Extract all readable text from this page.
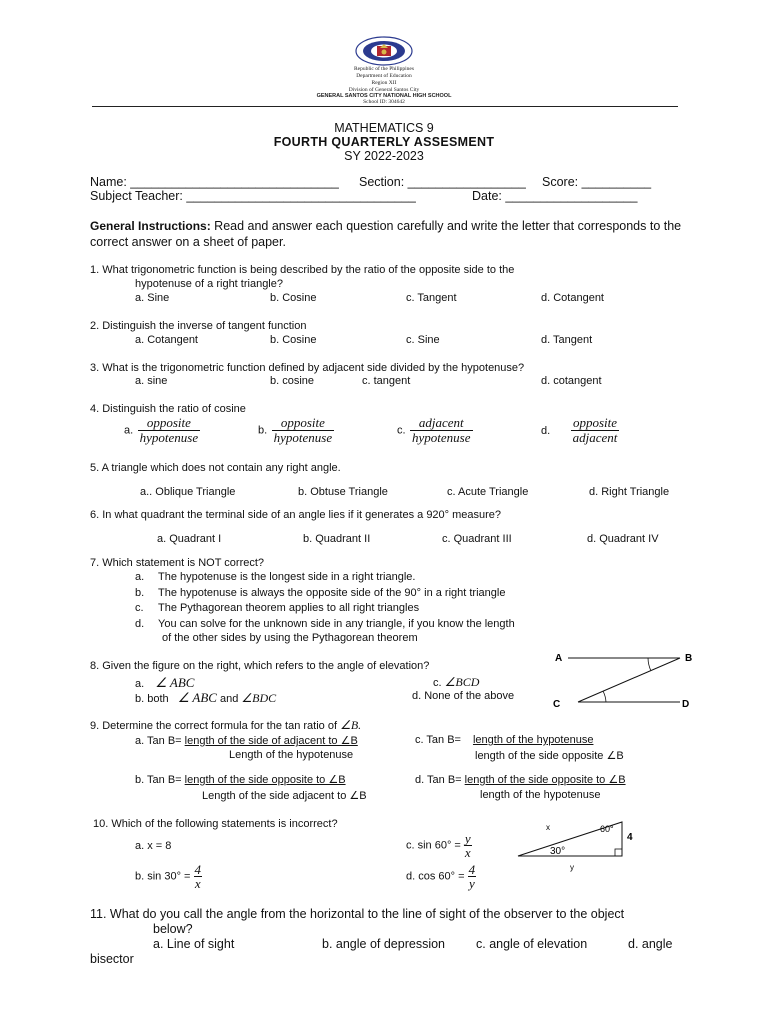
Republic of the Philippines
Department of Education
Region XII
Division of General Santos City
GENERAL SANTOS CITY NATIONAL HIGH SCHOOL
School ID: 304642
MATHEMATICS 9
FOURTH QUARTERLY ASSESMENT
SY 2022-2023
Name: ______________________________ Section: _________________ Score: __________
Subject Teacher: _________________________________	Date: ___________________
General Instructions: Read and answer each question carefully and write the letter that corresponds to the
correct answer on a sheet of paper.
1. What trigonometric function is being described by the ratio of the opposite side to the
hypotenuse of a right triangle?
a. Sine	b. Cosine	c. Tangent	d. Cotangent
2. Distinguish the inverse of tangent function
a. Cotangent	b. Cosine	c. Sine	d. Tangent
3. What is the trigonometric function defined by adjacent side divided by the hypotenuse?
a. sine	b. cosine	c. tangent	d. cotangent
4. Distinguish the ratio of cosine
a. $\frac{\text{opposite}}{\text{hypotenuse}}$	b. $\frac{\text{opposite}}{\text{hypotenuse}}$	c. $\frac{\text{adjacent}}{\text{hypotenuse}}$	d. $\frac{\text{opposite}}{\text{adjacent}}$
5. A triangle which does not contain any right angle.
a.. Oblique Triangle	b. Obtuse Triangle	c. Acute Triangle	d. Right Triangle
6. In what quadrant the terminal side of an angle lies if it generates a 920° measure?
a. Quadrant I	b. Quadrant II	c. Quadrant III	d. Quadrant IV
7. Which statement is NOT correct?
a. The hypotenuse is the longest side in a right triangle.
b. The hypotenuse is always the opposite side of the 90° in a right triangle
c. The Pythagorean theorem applies to all right triangles
d. You can solve for the unknown side in any triangle, if you know the length
of the other sides by using the Pythagorean theorem
8. Given the figure on the right, which refers to the angle of elevation?
a. ∠ ABC	c. ∠BCD
b. both ∠ ABC and ∠BDC	d. None of the above
A	B
C	D
9. Determine the correct formula for the tan ratio of ∠B.
a. Tan B= length of the side of adjacent to ∠B
Length of the hypotenuse
c. Tan B= length of the hypotenuse
length of the side opposite ∠B
b. Tan B= length of the side opposite to ∠B
Length of the side adjacent to ∠B
d. Tan B= length of the side opposite to ∠B
length of the hypotenuse
10. Which of the following statements is incorrect?
a. x = 8	c. $\sin 60^\circ = \frac{y}{x}$
b. $\sin 30^\circ = \frac{4}{x}$	d. $\cos 60^\circ = \frac{4}{y}$
x	60°
4
30°
y
11. What do you call the angle from the horizontal to the line of sight of the observer to the object
below?
a. Line of sight	b. angle of depression c. angle of elevation	d. angle
bisector
